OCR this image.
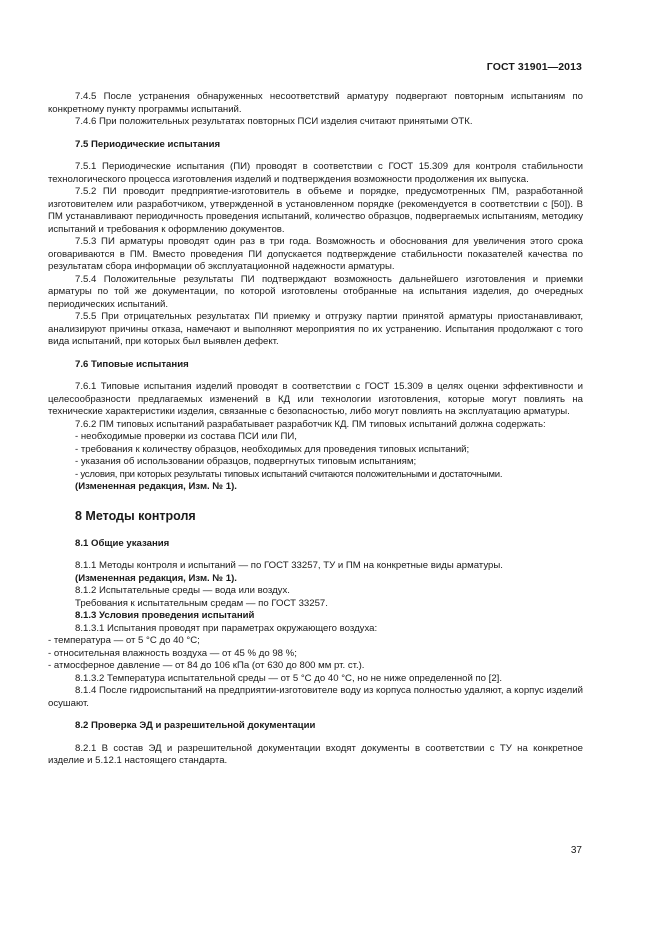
ГОСТ 31901—2013

7.4.5 После устранения обнаруженных несоответствий арматуру подвергают повторным испытаниям по конкретному пункту программы испытаний.

7.4.6 При положительных результатах повторных ПСИ изделия считают принятыми ОТК.

7.5 Периодические испытания

7.5.1 Периодические испытания (ПИ) проводят в соответствии с ГОСТ 15.309 для контроля стабильности технологического процесса изготовления изделий и подтверждения возможности продолжения их выпуска.

7.5.2 ПИ проводит предприятие-изготовитель в объеме и порядке, предусмотренных ПМ, разработанной изготовителем или разработчиком, утвержденной в установленном порядке (рекомендуется в соответствии с [50]). В ПМ устанавливают периодичность проведения испытаний, количество образцов, подвергаемых испытаниям, методику испытаний и требования к оформлению документов.

7.5.3 ПИ арматуры проводят один раз в три года. Возможность и обоснования для увеличения этого срока оговариваются в ПМ. Вместо проведения ПИ допускается подтверждение стабильности показателей качества по результатам сбора информации об эксплуатационной надежности арматуры.

7.5.4 Положительные результаты ПИ подтверждают возможность дальнейшего изготовления и приемки арматуры по той же документации, по которой изготовлены отобранные на испытания изделия, до очередных периодических испытаний.

7.5.5 При отрицательных результатах ПИ приемку и отгрузку партии принятой арматуры приостанавливают, анализируют причины отказа, намечают и выполняют мероприятия по их устранению. Испытания продолжают с того вида испытаний, при которых был выявлен дефект.

7.6 Типовые испытания

7.6.1 Типовые испытания изделий проводят в соответствии с ГОСТ 15.309 в целях оценки эффективности и целесообразности предлагаемых изменений в КД или технологии изготовления, которые могут повлиять на технические характеристики изделия, связанные с безопасностью, либо могут повлиять на эксплуатацию арматуры.

7.6.2 ПМ типовых испытаний разрабатывает разработчик КД. ПМ типовых испытаний должна содержать:

- необходимые проверки из состава ПСИ или ПИ,

- требования к количеству образцов, необходимых для проведения типовых испытаний;

- указания об использовании образцов, подвергнутых типовым испытаниям;

- условия, при которых результаты типовых испытаний считаются положительными и достаточными.

(Измененная редакция, Изм. № 1).

8 Методы контроля

8.1 Общие указания

8.1.1 Методы контроля и испытаний — по ГОСТ 33257, ТУ и ПМ на конкретные виды арматуры.

(Измененная редакция, Изм. № 1).

8.1.2 Испытательные среды — вода или воздух.

Требования к испытательным средам — по ГОСТ 33257.

8.1.3 Условия проведения испытаний

8.1.3.1 Испытания проводят при параметрах окружающего воздуха:

- температура — от 5 °С до 40 °С;

- относительная влажность воздуха — от 45 % до 98 %;

- атмосферное давление — от 84 до 106 кПа (от 630 до 800 мм рт. ст.).

8.1.3.2 Температура испытательной среды — от 5 °С до 40 °С, но не ниже определенной по [2].

8.1.4 После гидроиспытаний на предприятии-изготовителе воду из корпуса полностью удаляют, а корпус изделий осушают.

8.2 Проверка ЭД и разрешительной документации

8.2.1 В состав ЭД и разрешительной документации входят документы в соответствии с ТУ на конкретное изделие и 5.12.1 настоящего стандарта.

37
